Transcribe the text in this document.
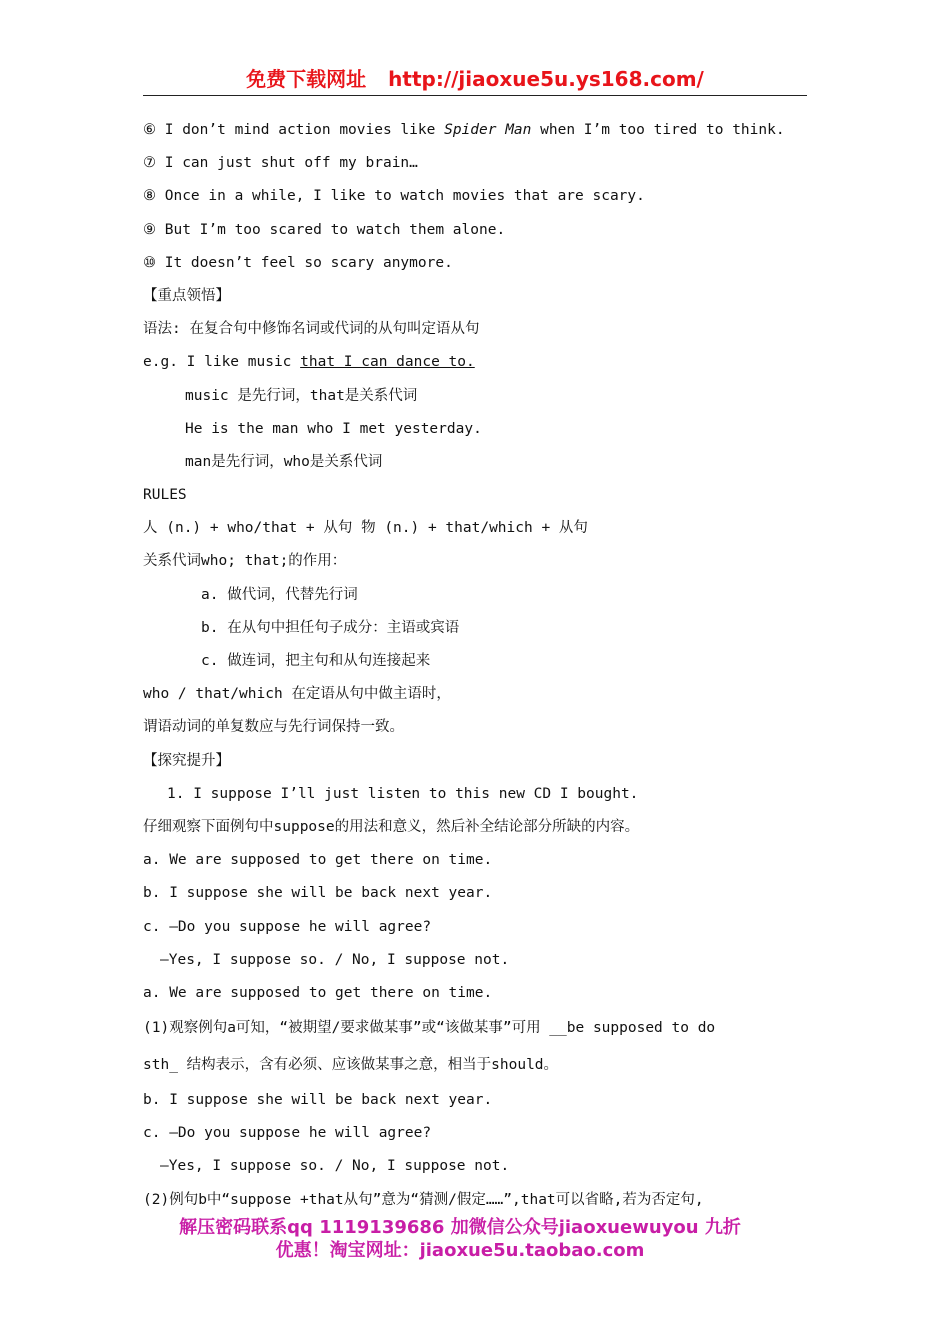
免费下载网址 http://jiaoxue5u.ys168.com/
⑥ I don’t mind action movies like Spider Man when I’m too tired to think.
⑦ I can just shut off my brain…
⑧ Once in a while, I like to watch movies that are scary.
⑨ But I’m too scared to watch them alone.
⑩ It doesn’t feel so scary anymore.
【重点领悟】
语法: 在复合句中修饰名词或代词的从句叫定语从句
e.g. I like music that I can dance to.
music 是先行词，that是关系代词
He is the man who I met yesterday.
man是先行词，who是关系代词
RULES
人 (n.) + who/that + 从句 物 (n.) + that/which + 从句
关系代词who; that;的作用：
a. 做代词，代替先行词
b. 在从句中担任句子成分：主语或宾语
c. 做连词，把主句和从句连接起来
who / that/which 在定语从句中做主语时，
谓语动词的单复数应与先行词保持一致。
【探究提升】
1. I suppose I’ll just listen to this new CD I bought.
仔细观察下面例句中suppose的用法和意义，然后补全结论部分所缺的内容。
a. We are supposed to get there on time.
b. I suppose she will be back next year.
c. —Do you suppose he will agree?
—Yes, I suppose so. / No, I suppose not.
a. We are supposed to get there on time.
(1)观察例句a可知，“被期望/要求做某事”或“该做某事”可用 __be supposed to do
sth_ 结构表示，含有必须、应该做某事之意，相当于should。
b. I suppose she will be back next year.
c. —Do you suppose he will agree?
—Yes, I suppose so. / No, I suppose not.
(2)例句b中“suppose +that从句”意为“猜测/假定……”,that可以省略,若为否定句,
解压密码联系qq 1119139686 加微信公众号jiaoxuewuyou 九折
优惠！淘宝网址：jiaoxue5u.taobao.com
